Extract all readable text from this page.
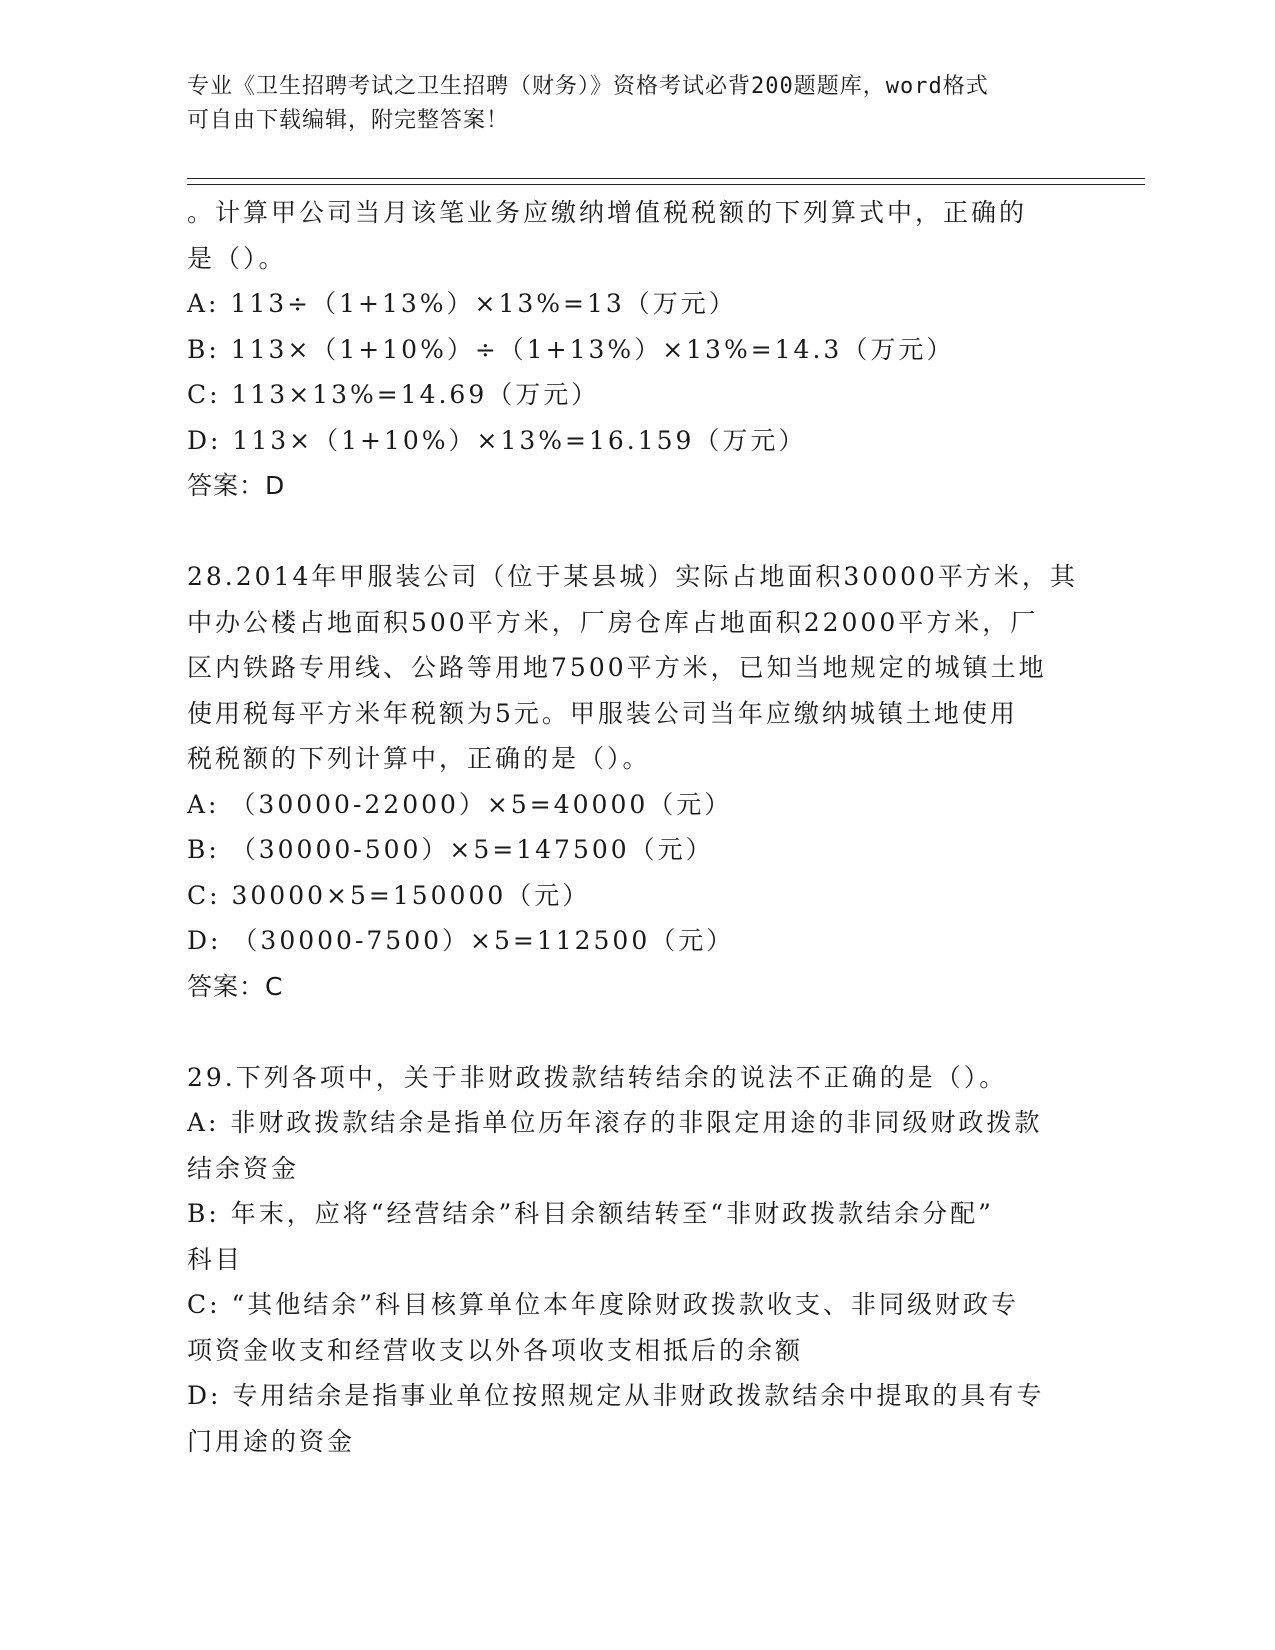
专业《卫生招聘考试之卫生招聘（财务）》资格考试必背200题题库，word格式
可自由下载编辑，附完整答案！
。计算甲公司当月该笔业务应缴纳增值税税额的下列算式中，正确的
是（）。
A: 113÷（1+13%）×13%=13（万元）
B: 113×（1+10%）÷（1+13%）×13%=14.3（万元）
C: 113×13%=14.69（万元）
D: 113×（1+10%）×13%=16.159（万元）
答案：D
28.2014年甲服装公司（位于某县城）实际占地面积30000平方米，其
中办公楼占地面积500平方米，厂房仓库占地面积22000平方米，厂
区内铁路专用线、公路等用地7500平方米，已知当地规定的城镇土地
使用税每平方米年税额为5元。甲服装公司当年应缴纳城镇土地使用
税税额的下列计算中，正确的是（）。
A: （30000-22000）×5=40000（元）
B: （30000-500）×5=147500（元）
C: 30000×5=150000（元）
D: （30000-7500）×5=112500（元）
答案：C
29.下列各项中，关于非财政拨款结转结余的说法不正确的是（）。
A: 非财政拨款结余是指单位历年滚存的非限定用途的非同级财政拨款
结余资金
B: 年末，应将“经营结余”科目余额结转至“非财政拨款结余分配”
科目
C: “其他结余”科目核算单位本年度除财政拨款收支、非同级财政专
项资金收支和经营收支以外各项收支相抵后的余额
D: 专用结余是指事业单位按照规定从非财政拨款结余中提取的具有专
门用途的资金
